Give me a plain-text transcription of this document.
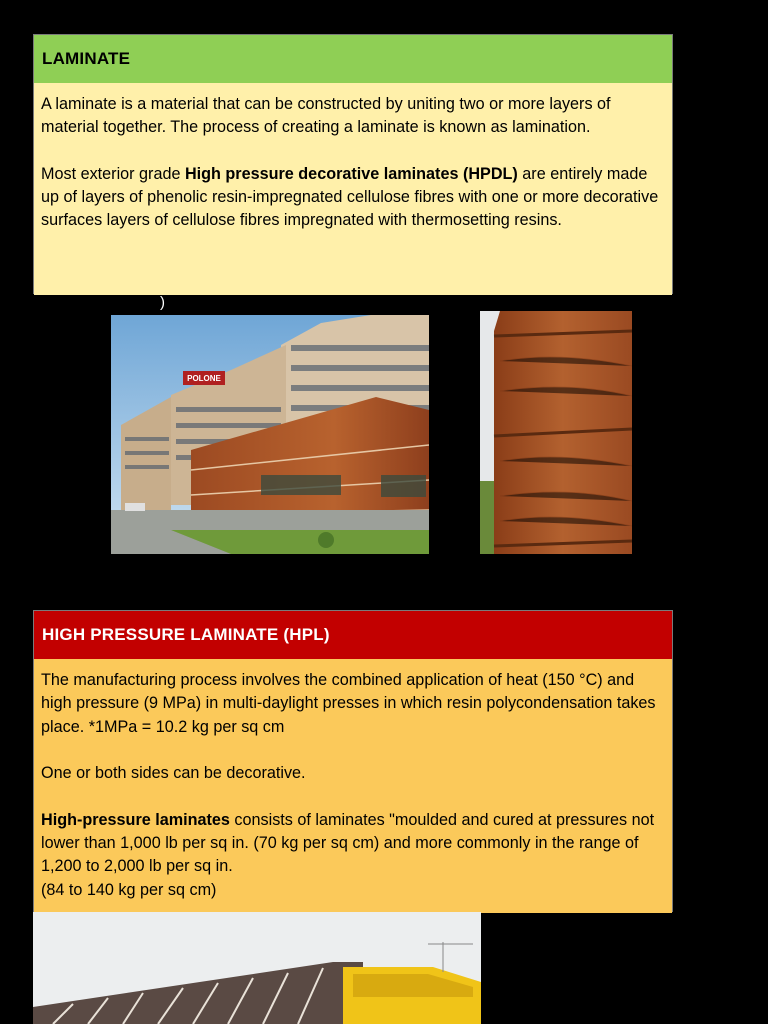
LAMINATE

A laminate is a material that can be constructed by uniting two or more layers of material together. The process of creating a laminate is known as lamination.

Most exterior grade High pressure decorative laminates (HPDL) are entirely made up of layers of phenolic resin-impregnated cellulose fibres with one or more decorative surfaces layers of cellulose fibres impregnated with thermosetting resins.

)
POLONE
HIGH PRESSURE LAMINATE (HPL)

The manufacturing process involves the combined application of heat (150 °C) and high pressure (9 MPa) in multi-daylight presses in which resin polycondensation takes place. *1MPa = 10.2 kg per sq cm

One or both sides can be decorative.

High-pressure laminates consists of laminates "moulded and cured at pressures not lower than 1,000 lb per sq in. (70 kg per sq cm) and more commonly in the range of 1,200 to 2,000 lb per sq in.
(84 to 140 kg per sq cm)
